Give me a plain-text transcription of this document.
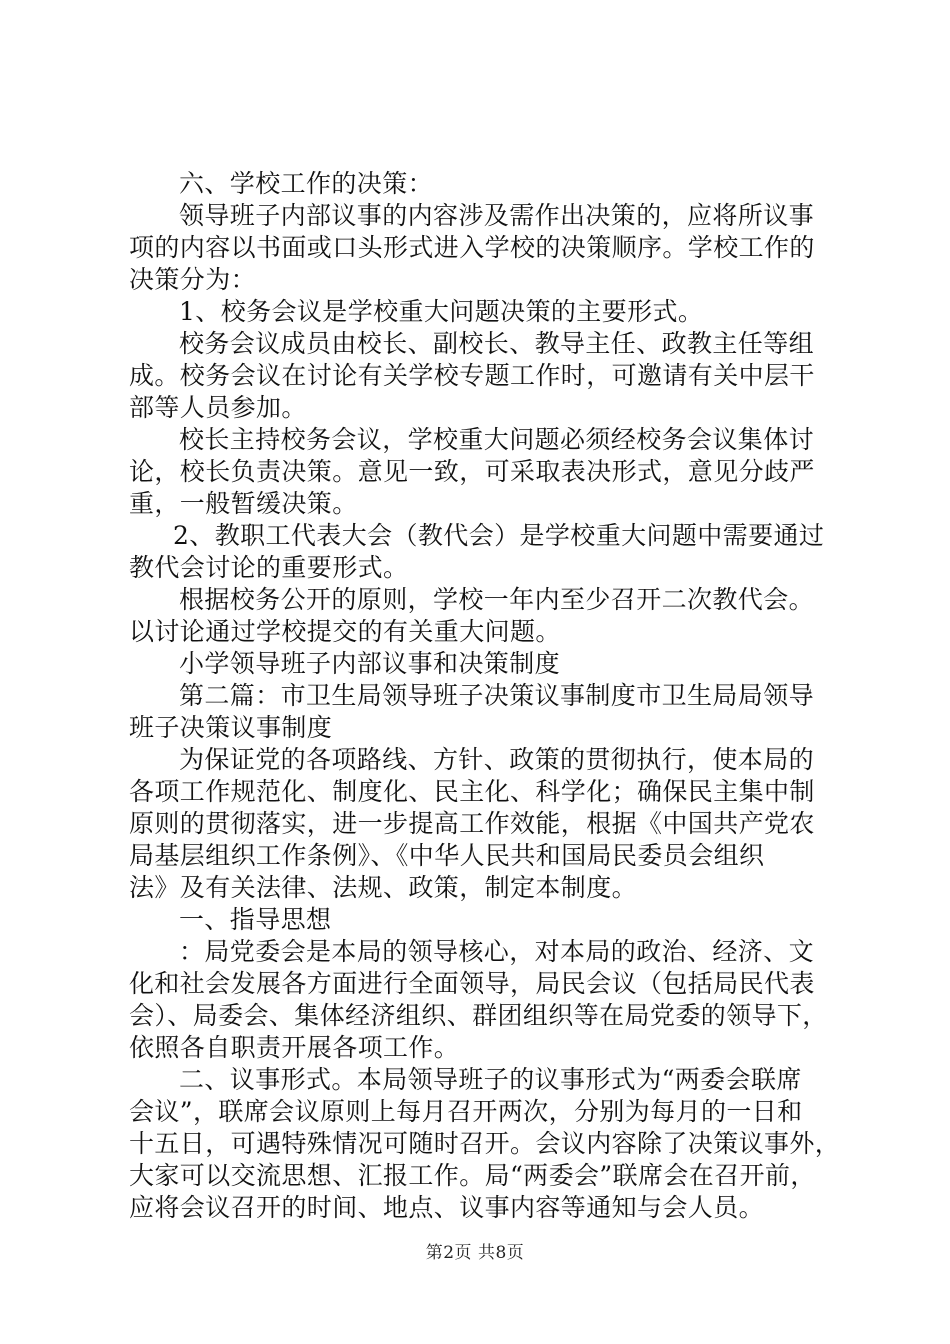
六、学校工作的决策：
领导班子内部议事的内容涉及需作出决策的，应将所议事
项的内容以书面或口头形式进入学校的决策顺序。学校工作的
决策分为：
1、校务会议是学校重大问题决策的主要形式。
校务会议成员由校长、副校长、教导主任、政教主任等组
成。校务会议在讨论有关学校专题工作时，可邀请有关中层干
部等人员参加。
校长主持校务会议，学校重大问题必须经校务会议集体讨
论，校长负责决策。意见一致，可采取表决形式，意见分歧严
重，一般暂缓决策。
2、教职工代表大会（教代会）是学校重大问题中需要通过
教代会讨论的重要形式。
根据校务公开的原则，学校一年内至少召开二次教代会。
以讨论通过学校提交的有关重大问题。
小学领导班子内部议事和决策制度
第二篇：市卫生局领导班子决策议事制度市卫生局局领导
班子决策议事制度
为保证党的各项路线、方针、政策的贯彻执行，使本局的
各项工作规范化、制度化、民主化、科学化；确保民主集中制
原则的贯彻落实，进一步提高工作效能，根据《中国共产党农
局基层组织工作条例》、《中华人民共和国局民委员会组织
法》及有关法律、法规、政策，制定本制度。
一、指导思想
：局党委会是本局的领导核心，对本局的政治、经济、文
化和社会发展各方面进行全面领导，局民会议（包括局民代表
会）、局委会、集体经济组织、群团组织等在局党委的领导下，
依照各自职责开展各项工作。
二、议事形式。本局领导班子的议事形式为“两委会联席
会议”，联席会议原则上每月召开两次，分别为每月的一日和
十五日，可遇特殊情况可随时召开。会议内容除了决策议事外，
大家可以交流思想、汇报工作。局“两委会”联席会在召开前，
应将会议召开的时间、地点、议事内容等通知与会人员。
第2页 共8页
